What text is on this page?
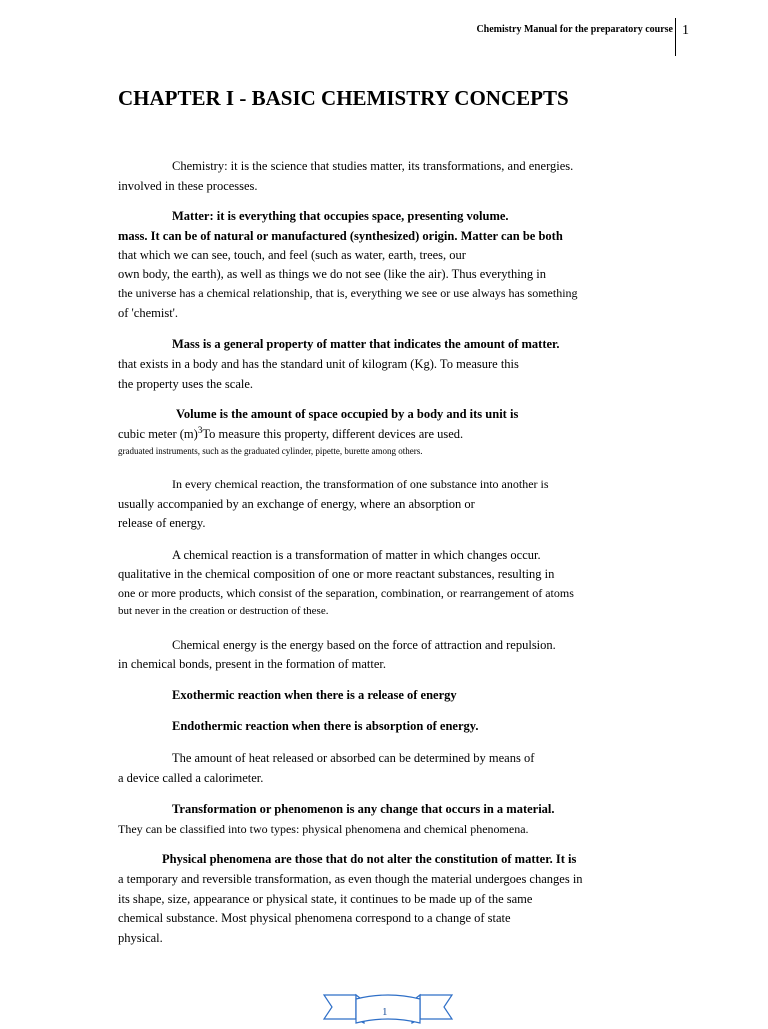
Chemistry Manual for the preparatory course 1
CHAPTER I - BASIC CHEMISTRY CONCEPTS
Chemistry: it is the science that studies matter, its transformations, and energies.
involved in these processes.
Matter: it is everything that occupies space, presenting volume.
mass. It can be of natural or manufactured (synthesized) origin. Matter can be both
that which we can see, touch, and feel (such as water, earth, trees, our
own body, the earth), as well as things we do not see (like the air). Thus everything in
the universe has a chemical relationship, that is, everything we see or use always has something
of 'chemist'.
Mass is a general property of matter that indicates the amount of matter.
that exists in a body and has the standard unit of kilogram (Kg). To measure this
the property uses the scale.
Volume is the amount of space occupied by a body and its unit is
cubic meter $(m)^3To$ measure this property, different devices are used.
graduated instruments, such as the graduated cylinder, pipette, burette among others.
In every chemical reaction, the transformation of one substance into another is
usually accompanied by an exchange of energy, where an absorption or
release of energy.
A chemical reaction is a transformation of matter in which changes occur.
qualitative in the chemical composition of one or more reactant substances, resulting in
one or more products, which consist of the separation, combination, or rearrangement of atoms
but never in the creation or destruction of these.
Chemical energy is the energy based on the force of attraction and repulsion.
in chemical bonds, present in the formation of matter.
Exothermic reaction when there is a release of energy
Endothermic reaction when there is absorption of energy.
The amount of heat released or absorbed can be determined by means of
a device called a calorimeter.
Transformation or phenomenon is any change that occurs in a material.
They can be classified into two types: physical phenomena and chemical phenomena.
Physical phenomena are those that do not alter the constitution of matter. It is
a temporary and reversible transformation, as even though the material undergoes changes in
its shape, size, appearance or physical state, it continues to be made up of the same
chemical substance. Most physical phenomena correspond to a change of state
physical.
1
